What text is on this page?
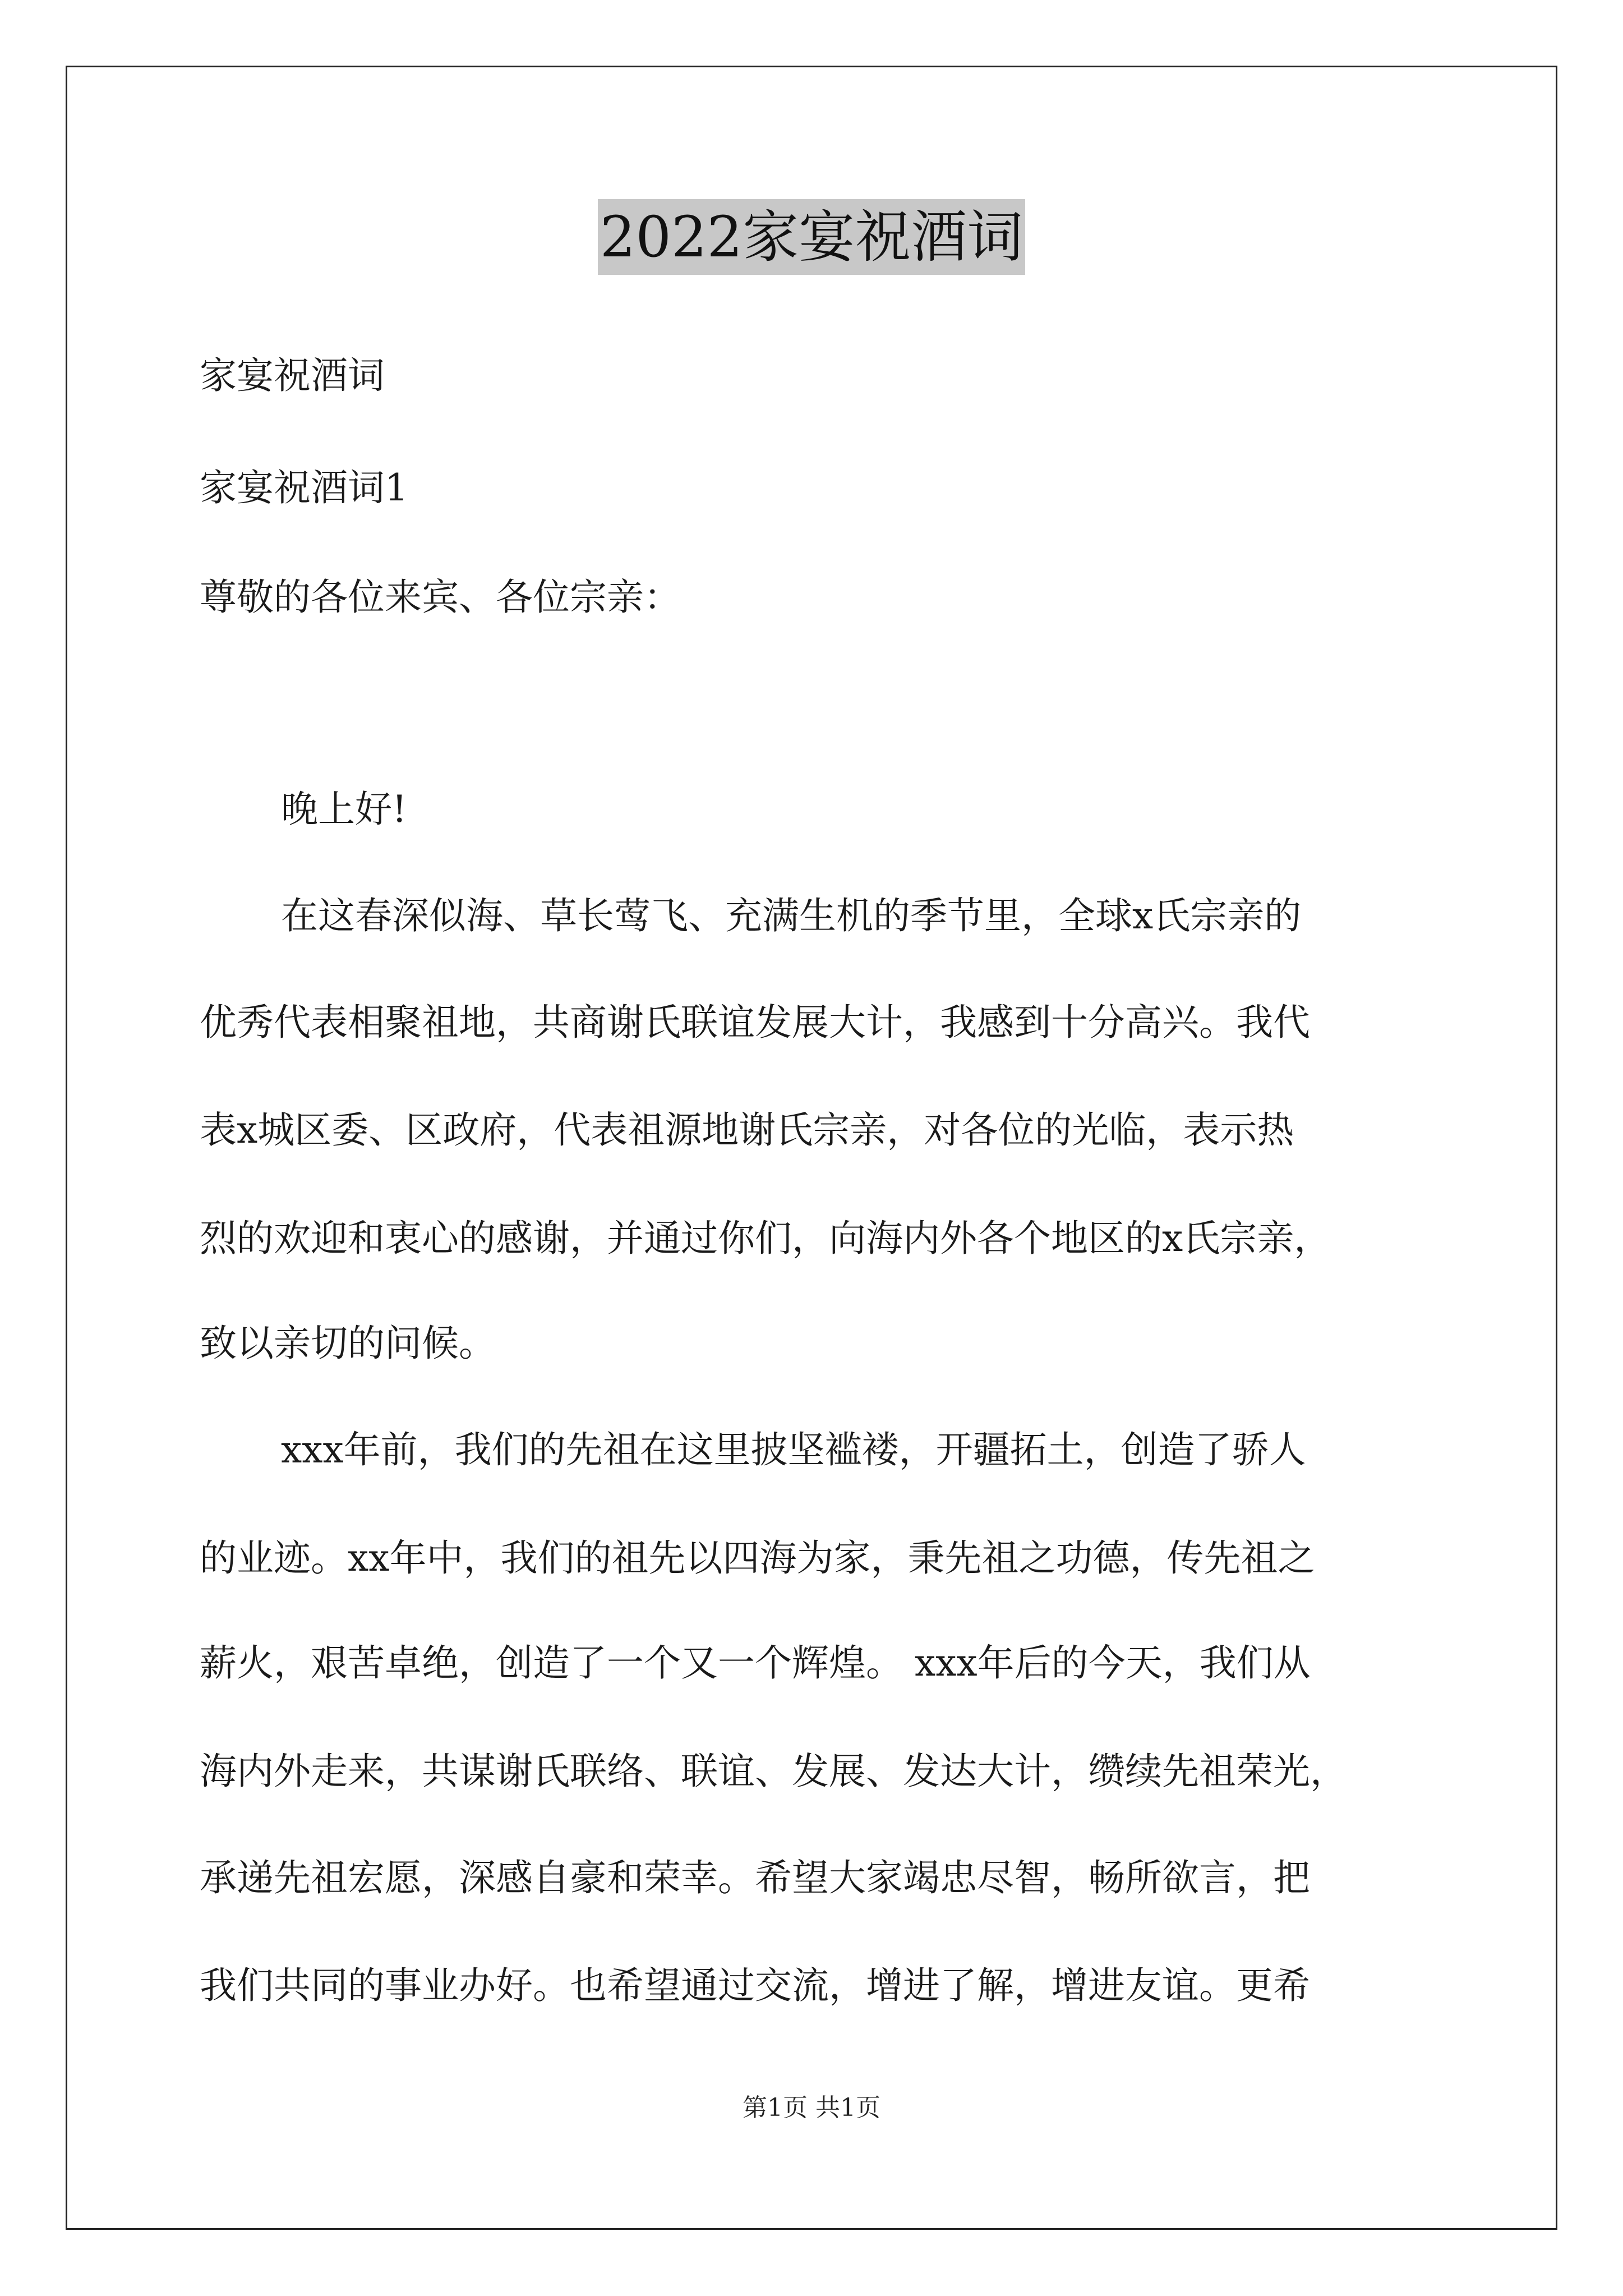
2022家宴祝酒词
家宴祝酒词
家宴祝酒词1
尊敬的各位来宾、各位宗亲：
晚上好!
在这春深似海、草长莺飞、充满生机的季节里，全球x氏宗亲的
优秀代表相聚祖地，共商谢氏联谊发展大计，我感到十分高兴。我代
表x城区委、区政府，代表祖源地谢氏宗亲，对各位的光临，表示热
烈的欢迎和衷心的感谢，并通过你们，向海内外各个地区的x氏宗亲，
致以亲切的问候。
xxx年前，我们的先祖在这里披坚褴褛，开疆拓土，创造了骄人
的业迹。xx年中，我们的祖先以四海为家，秉先祖之功德，传先祖之
薪火，艰苦卓绝，创造了一个又一个辉煌。 xxx年后的今天，我们从
海内外走来，共谋谢氏联络、联谊、发展、发达大计，缵续先祖荣光，
承递先祖宏愿，深感自豪和荣幸。希望大家竭忠尽智，畅所欲言，把
我们共同的事业办好。也希望通过交流，增进了解，增进友谊。更希
第1页 共1页
